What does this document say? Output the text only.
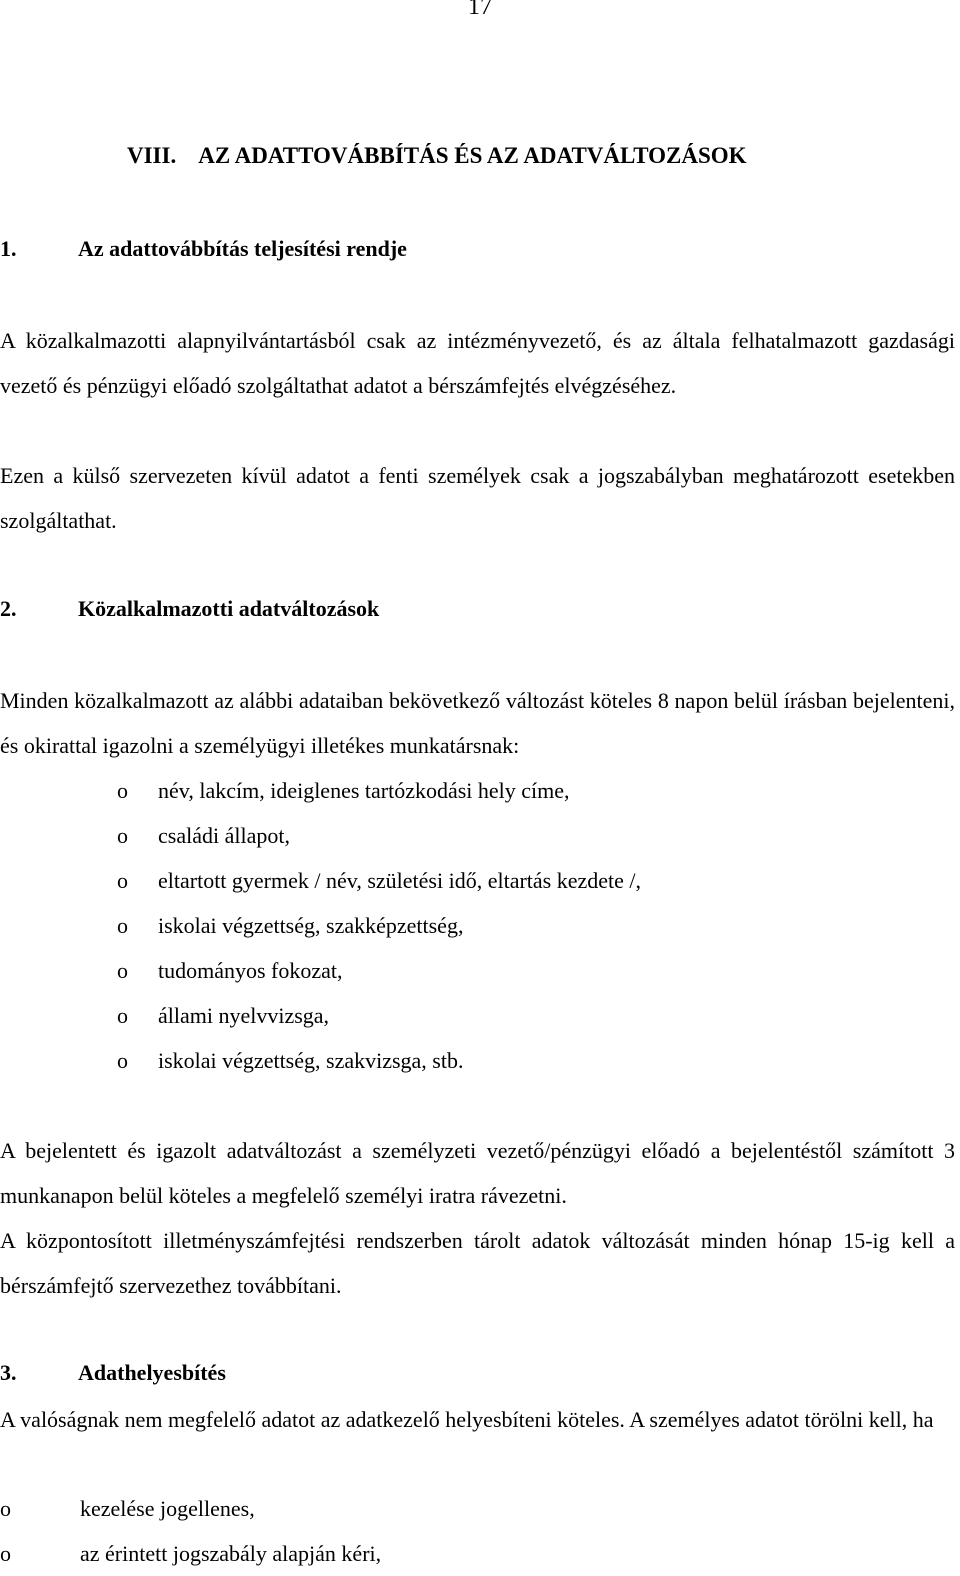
17
VIII. AZ ADATTOVÁBBÍTÁS ÉS AZ ADATVÁLTOZÁSOK
1.	Az adattovábbítás teljesítési rendje

A közalkalmazotti alapnyilvántartásból csak az intézményvezető, és az általa felhatalmazott gazdasági vezető és pénzügyi előadó szolgáltathat adatot a bérszámfejtés elvégzéséhez.

Ezen a külső szervezeten kívül adatot a fenti személyek csak a jogszabályban meghatározott esetekben szolgáltathat.

2.	Közalkalmazotti adatváltozások

Minden közalkalmazott az alábbi adataiban bekövetkező változást köteles 8 napon belül írásban bejelenteni, és okirattal igazolni a személyügyi illetékes munkatársnak:

o név, lakcím, ideiglenes tartózkodási hely címe,
o családi állapot,
o eltartott gyermek / név, születési idő, eltartás kezdete /,
o iskolai végzettség, szakképzettség,
o tudományos fokozat,
o állami nyelvvizsga,
o iskolai végzettség, szakvizsga, stb.

A bejelentett és igazolt adatváltozást a személyzeti vezető/pénzügyi előadó a bejelentéstől számított 3 munkanapon belül köteles a megfelelő személyi iratra rávezetni.

A központosított illetményszámfejtési rendszerben tárolt adatok változását minden hónap 15-ig kell a bérszámfejtő szervezethez továbbítani.

3.	Adathelyesbítés

A valóságnak nem megfelelő adatot az adatkezelő helyesbíteni köteles. A személyes adatot törölni kell, ha

o	kezelése jogellenes,
o	az érintett jogszabály alapján kéri,
